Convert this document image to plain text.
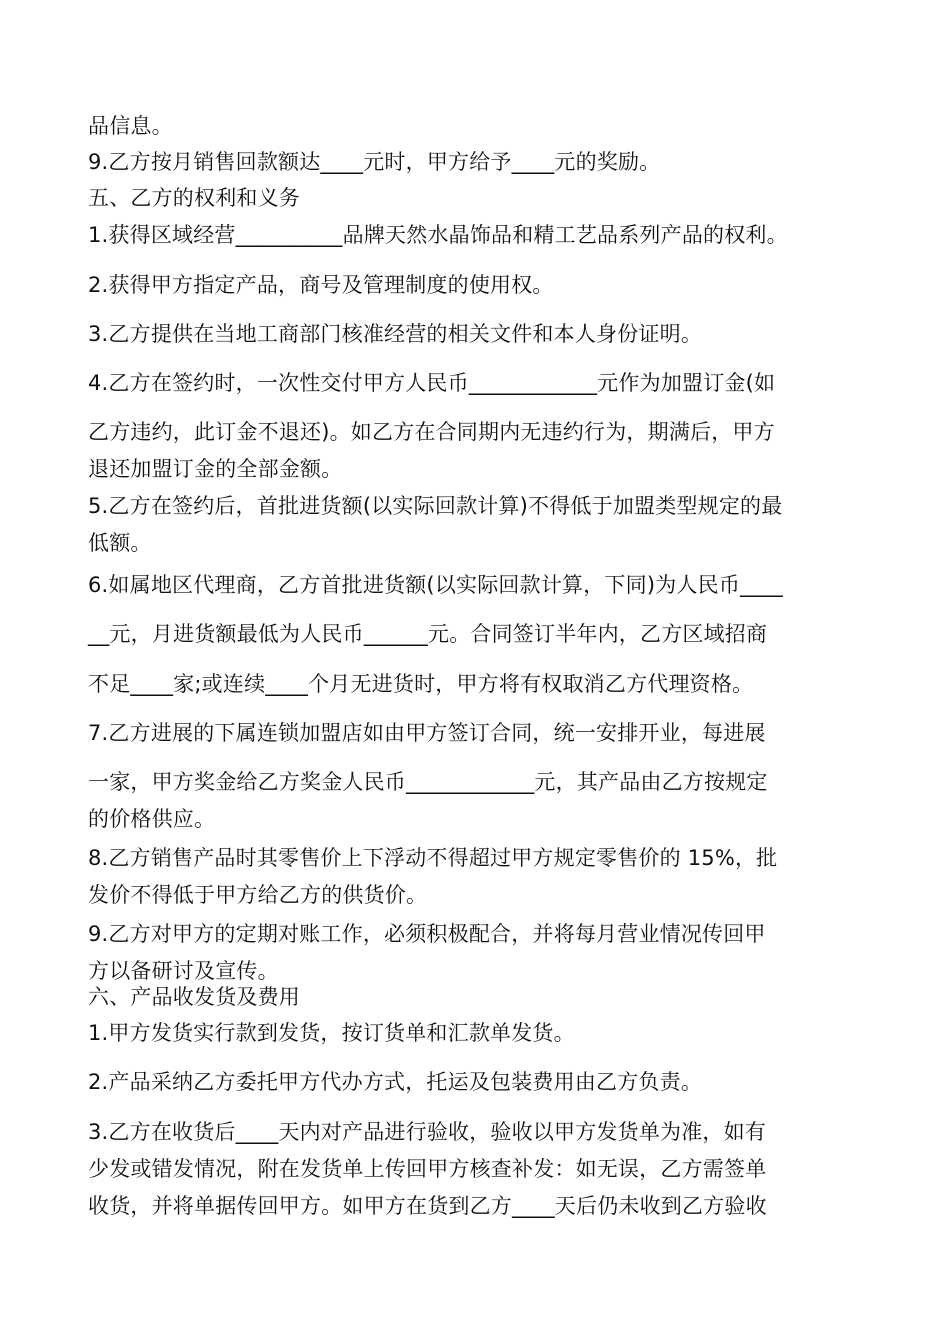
品信息。
9.乙方按月销售回款额达____元时，甲方给予____元的奖励。
五、乙方的权利和义务
1.获得区域经营__________品牌天然水晶饰品和精工艺品系列产品的权利。
2.获得甲方指定产品，商号及管理制度的使用权。
3.乙方提供在当地工商部门核准经营的相关文件和本人身份证明。
4.乙方在签约时，一次性交付甲方人民币____________元作为加盟订金(如
乙方违约，此订金不退还)。如乙方在合同期内无违约行为，期满后，甲方
退还加盟订金的全部金额。
5.乙方在签约后，首批进货额(以实际回款计算)不得低于加盟类型规定的最
低额。
6.如属地区代理商，乙方首批进货额(以实际回款计算，下同)为人民币____
__元，月进货额最低为人民币______元。合同签订半年内，乙方区域招商
不足____家;或连续____个月无进货时，甲方将有权取消乙方代理资格。
7.乙方进展的下属连锁加盟店如由甲方签订合同，统一安排开业，每进展
一家，甲方奖金给乙方奖金人民币____________元，其产品由乙方按规定
的价格供应。
8.乙方销售产品时其零售价上下浮动不得超过甲方规定零售价的 15%，批
发价不得低于甲方给乙方的供货价。
9.乙方对甲方的定期对账工作，必须积极配合，并将每月营业情况传回甲
方以备研讨及宣传。
六、产品收发货及费用
1.甲方发货实行款到发货，按订货单和汇款单发货。
2.产品采纳乙方委托甲方代办方式，托运及包装费用由乙方负责。
3.乙方在收货后____天内对产品进行验收，验收以甲方发货单为准，如有
少发或错发情况，附在发货单上传回甲方核查补发：如无误，乙方需签单
收货，并将单据传回甲方。如甲方在货到乙方____天后仍未收到乙方验收
